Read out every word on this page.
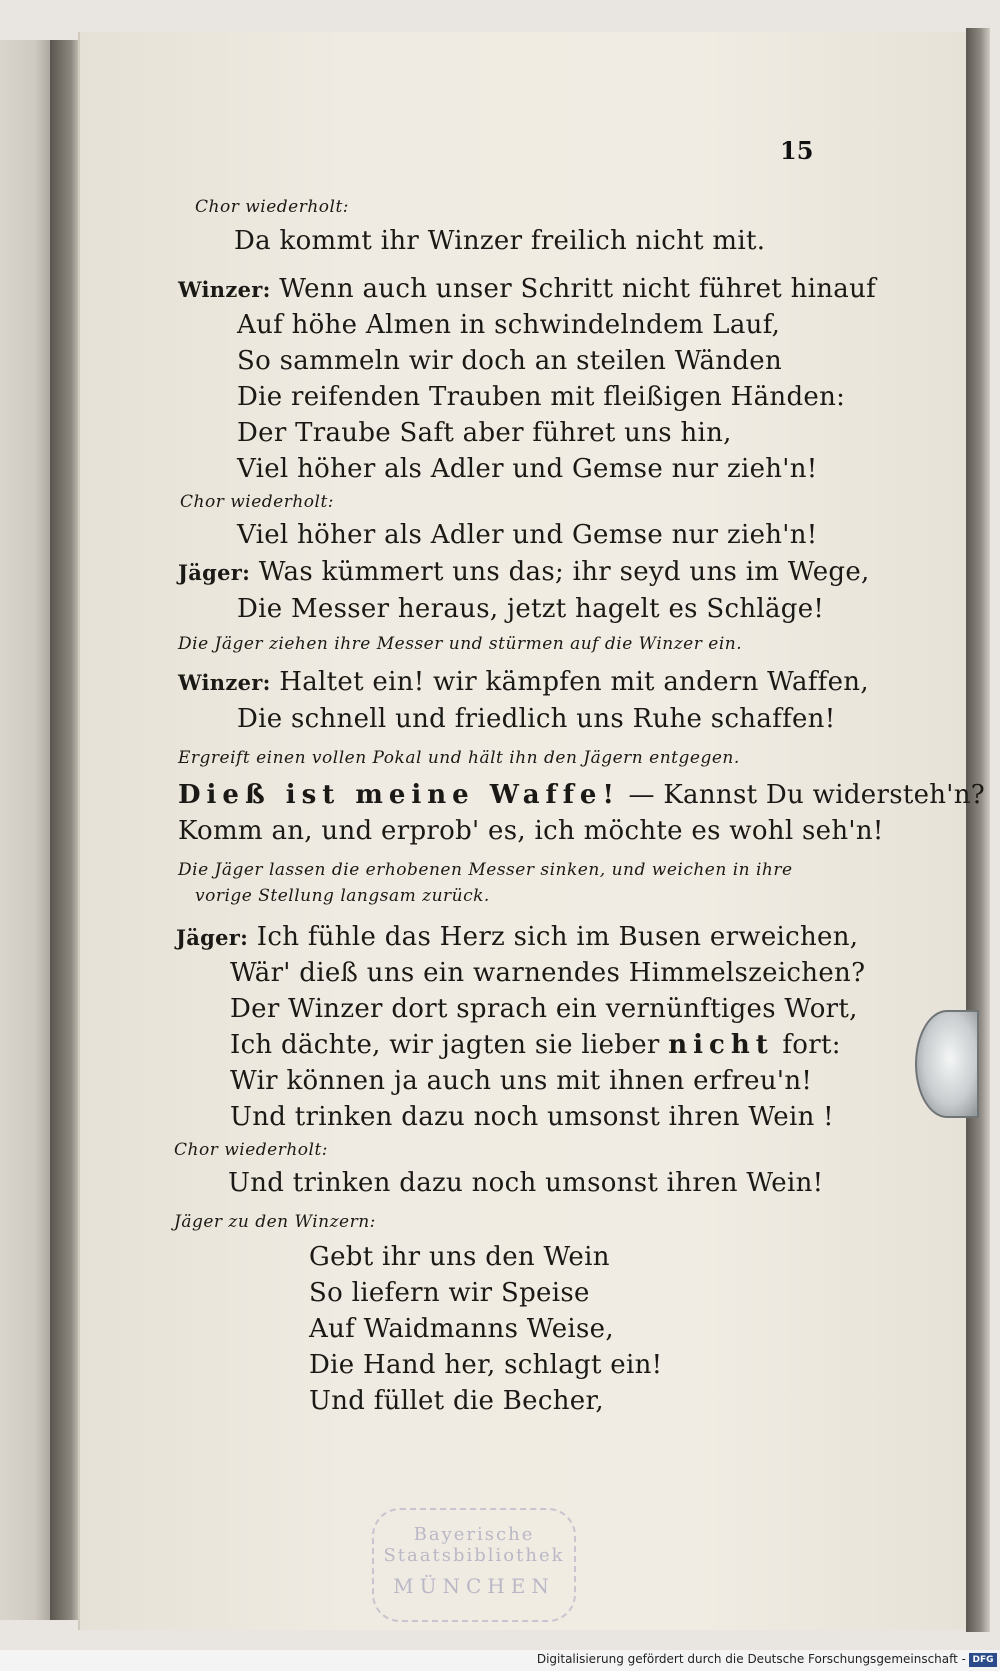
15
Chor wiederholt:
Da kommt ihr Winzer freilich nicht mit.
Winzer: Wenn auch unser Schritt nicht führet hinauf
Auf höhe Almen in schwindelndem Lauf,
So sammeln wir doch an steilen Wänden
Die reifenden Trauben mit fleißigen Händen:
Der Traube Saft aber führet uns hin,
Viel höher als Adler und Gemse nur zieh'n!
Chor wiederholt:
Viel höher als Adler und Gemse nur zieh'n!
Jäger: Was kümmert uns das; ihr seyd uns im Wege,
Die Messer heraus, jetzt hagelt es Schläge!
Die Jäger ziehen ihre Messer und stürmen auf die Winzer ein.
Winzer: Haltet ein! wir kämpfen mit andern Waffen,
Die schnell und friedlich uns Ruhe schaffen!
Ergreift einen vollen Pokal und hält ihn den Jägern entgegen.
Dieß ist meine Waffe! — Kannst Du widersteh'n?
Komm an, und erprob' es, ich möchte es wohl seh'n!
Die Jäger lassen die erhobenen Messer sinken, und weichen in ihre
vorige Stellung langsam zurück.
Jäger: Ich fühle das Herz sich im Busen erweichen,
Wär' dieß uns ein warnendes Himmelszeichen?
Der Winzer dort sprach ein vernünftiges Wort,
Ich dächte, wir jagten sie lieber nicht fort:
Wir können ja auch uns mit ihnen erfreu'n!
Und trinken dazu noch umsonst ihren Wein !
Chor wiederholt:
Und trinken dazu noch umsonst ihren Wein!
Jäger zu den Winzern:
Gebt ihr uns den Wein
So liefern wir Speise
Auf Waidmanns Weise,
Die Hand her, schlagt ein!
Und füllet die Becher,
Bayerische
Staatsbibliothek
MÜNCHEN
Digitalisierung gefördert durch die Deutsche Forschungsgemeinschaft - DFG
